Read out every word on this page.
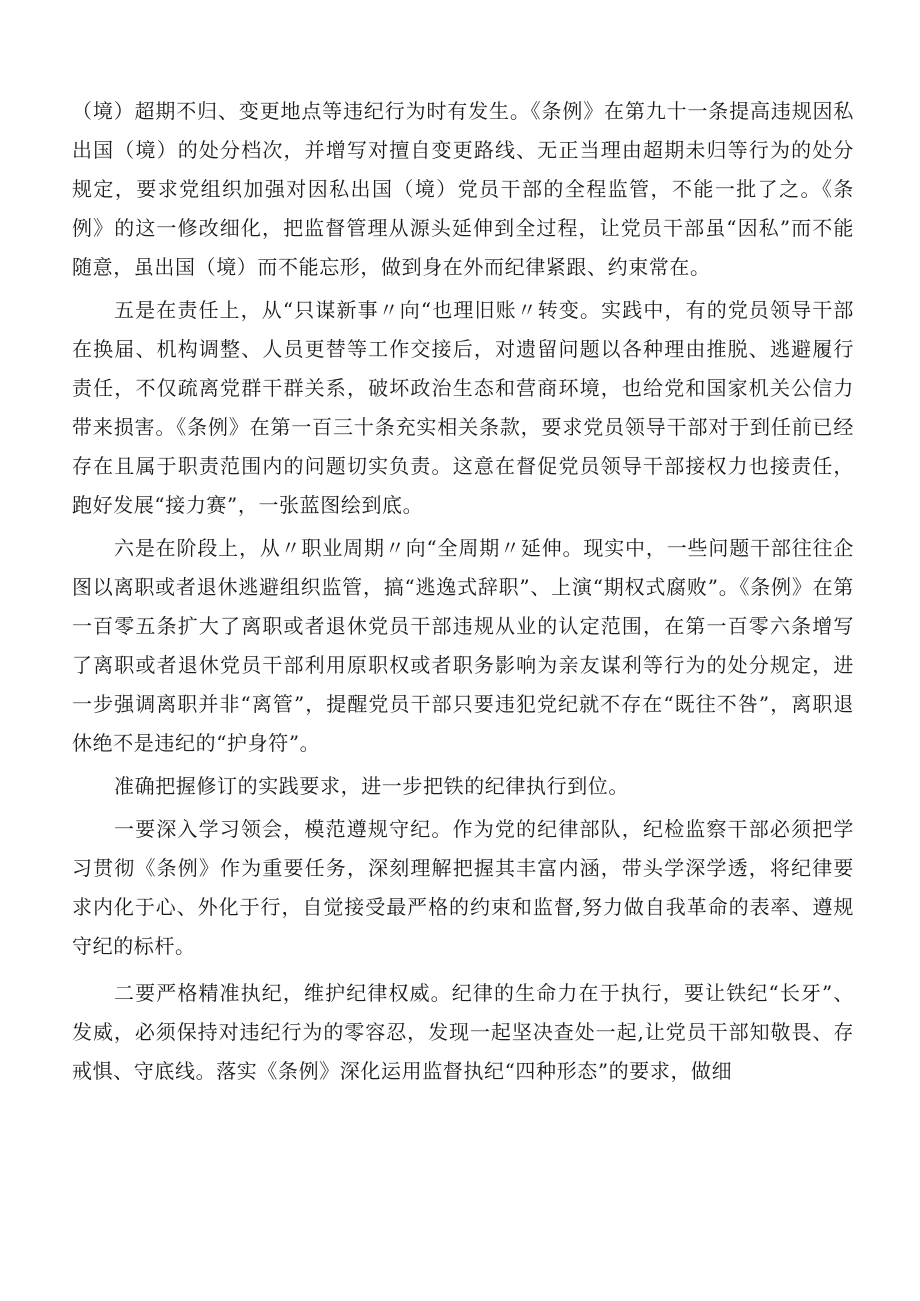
（境）超期不归、变更地点等违纪行为时有发生。《条例》在第九十一条提高违规因私出国（境）的处分档次，并增写对擅自变更路线、无正当理由超期未归等行为的处分规定，要求党组织加强对因私出国（境）党员干部的全程监管，不能一批了之。《条例》的这一修改细化，把监督管理从源头延伸到全过程，让党员干部虽“因私”而不能随意，虽出国（境）而不能忘形，做到身在外而纪律紧跟、约束常在。

五是在责任上，从“只谋新事〃向“也理旧账〃转变。实践中，有的党员领导干部在换届、机构调整、人员更替等工作交接后，对遗留问题以各种理由推脱、逃避履行责任，不仅疏离党群干群关系，破坏政治生态和营商环境，也给党和国家机关公信力带来损害。《条例》在第一百三十条充实相关条款，要求党员领导干部对于到任前已经存在且属于职责范围内的问题切实负责。这意在督促党员领导干部接权力也接责任，跑好发展“接力赛”，一张蓝图绘到底。

六是在阶段上，从〃职业周期〃向“全周期〃延伸。现实中，一些问题干部往往企图以离职或者退休逃避组织监管，搞“逃逸式辞职”、上演“期权式腐败”。《条例》在第一百零五条扩大了离职或者退休党员干部违规从业的认定范围，在第一百零六条增写了离职或者退休党员干部利用原职权或者职务影响为亲友谋利等行为的处分规定，进一步强调离职并非“离管”，提醒党员干部只要违犯党纪就不存在“既往不咎”，离职退休绝不是违纪的“护身符”。

准确把握修订的实践要求，进一步把铁的纪律执行到位。

一要深入学习领会，模范遵规守纪。作为党的纪律部队，纪检监察干部必须把学习贯彻《条例》作为重要任务，深刻理解把握其丰富内涵，带头学深学透，将纪律要求内化于心、外化于行，自觉接受最严格的约束和监督,努力做自我革命的表率、遵规守纪的标杆。

二要严格精准执纪，维护纪律权威。纪律的生命力在于执行，要让铁纪“长牙”、发威，必须保持对违纪行为的零容忍，发现一起坚决查处一起,让党员干部知敬畏、存戒惧、守底线。落实《条例》深化运用监督执纪“四种形态”的要求，做细
